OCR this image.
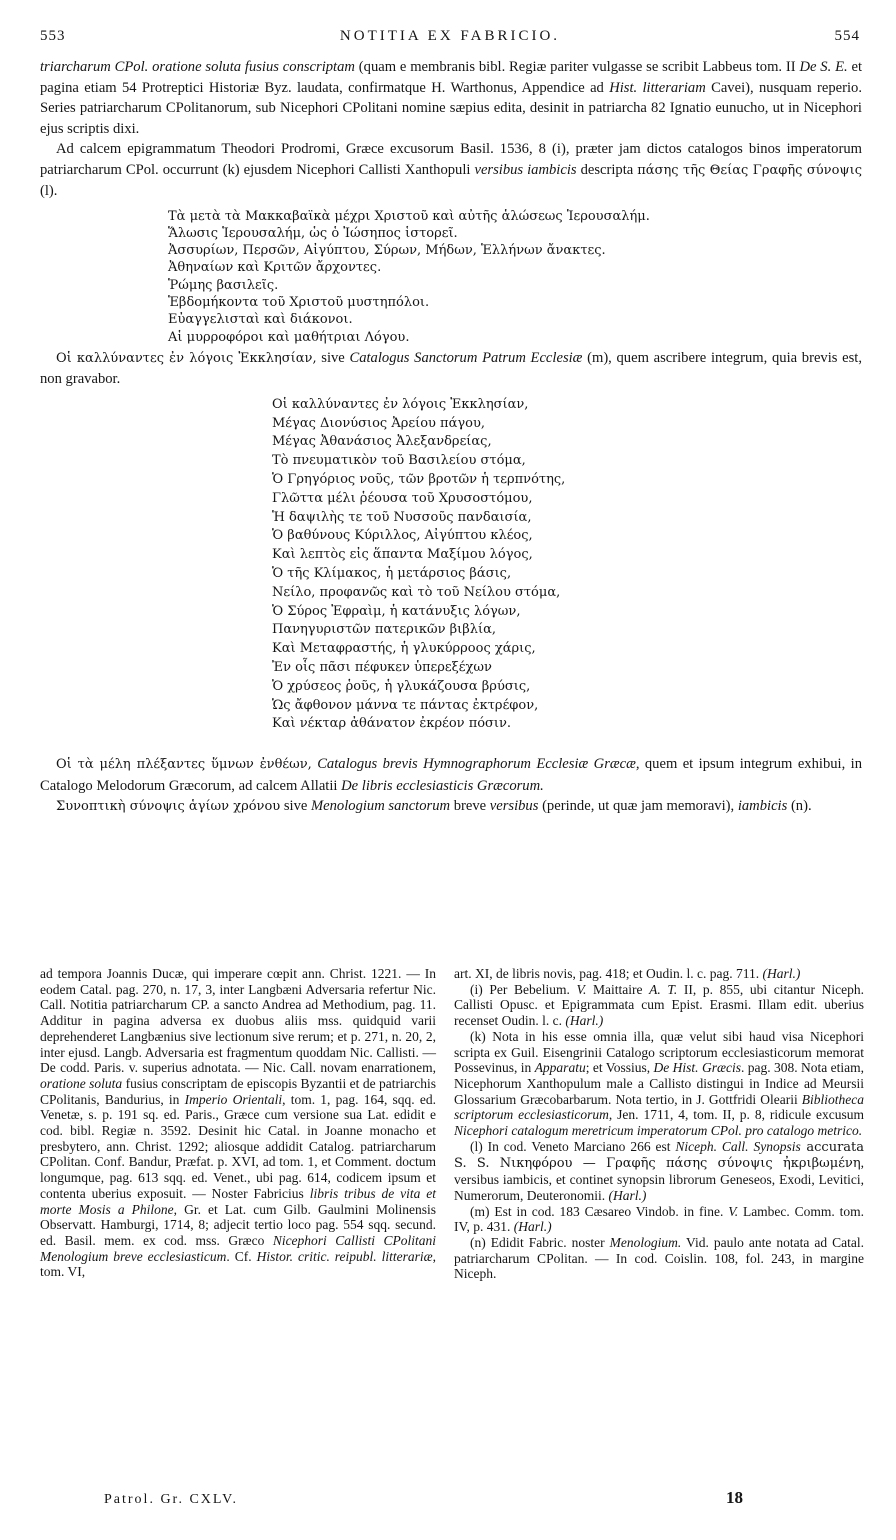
553	NOTITIA EX FABRICIO.	554

triarcharum CPol. oratione soluta fusius conscriptam (quam e membranis bibl. Regiæ pariter vulgasse se scribit Labbeus tom. II De S. E. et pagina etiam 54 Protreptici Historiæ Byz. laudata, confirmatque H. Warthonus, Appendice ad Hist. litterariam Cavei), nusquam reperio. Series patriarcharum CPolitanorum, sub Nicephori CPolitani nomine sæpius edita, desinit in patriarcha 82 Ignatio eunucho, ut in Nicephori ejus scriptis dixi.

Ad calcem epigrammatum Theodori Prodromi, Græce excusorum Basil. 1536, 8 (i), præter jam dictos catalogos binos imperatorum patriarcharum CPol. occurrunt (k) ejusdem Nicephori Callisti Xanthopuli versibus iambicis descripta πάσης τῆς Θείας Γραφῆς σύνοψις (l).

Τὰ μετὰ τὰ Μακκαβαϊκὰ μέχρι Χριστοῦ καὶ αὐτῆς ἁλώσεως Ἱερουσαλήμ.
Ἅλωσις Ἱερουσαλήμ, ὡς ὁ Ἰώσηπος ἱστορεῖ.
Ἀσσυρίων, Περσῶν, Αἰγύπτου, Σύρων, Μήδων, Ἑλλήνων ἄνακτες.
Ἀθηναίων καὶ Κριτῶν ἄρχοντες.
Ῥώμης βασιλεῖς.
Ἑβδομήκοντα τοῦ Χριστοῦ μυστηπόλοι.
Εὐαγγελισταὶ καὶ διάκονοι.
Αἱ μυρροφόροι καὶ μαθήτριαι Λόγου.

Οἱ καλλύναντες ἐν λόγοις Ἐκκλησίαν, sive Catalogus Sanctorum Patrum Ecclesiæ (m), quem ascribere integrum, quia brevis est, non gravabor.

Οἱ καλλύναντες ἐν λόγοις Ἐκκλησίαν,
Μέγας Διονύσιος Ἀρείου πάγου,
Μέγας Ἀθανάσιος Ἀλεξανδρείας,
Τὸ πνευματικὸν τοῦ Βασιλείου στόμα,
Ὁ Γρηγόριος νοῦς, τῶν βροτῶν ἡ τερπνότης,
Γλῶττα μέλι ῥέουσα τοῦ Χρυσοστόμου,
Ἡ δαψιλὴς τε τοῦ Νυσσοῦς πανδαισία,
Ὁ βαθύνους Κύριλλος, Αἰγύπτου κλέος,
Καὶ λεπτὸς εἰς ἅπαντα Μαξίμου λόγος,
Ὁ τῆς Κλίμακος, ἡ μετάρσιος βάσις,
Νείλο, προφανῶς καὶ τὸ τοῦ Νείλου στόμα,
Ὁ Σύρος Ἐφραὶμ, ἡ κατάνυξις λόγων,
Πανηγυριστῶν πατερικῶν βιβλία,
Καὶ Μεταφραστής, ἡ γλυκύρροος χάρις,
Ἐν οἷς πᾶσι πέφυκεν ὑπερεξέχων
Ὁ χρύσεος ῥοῦς, ἡ γλυκάζουσα βρύσις,
Ὡς ἄφθονον μάννα τε πάντας ἐκτρέφον,
Καὶ νέκταρ ἀθάνατον ἐκρέον πόσιν.

Οἱ τὰ μέλη πλέξαντες ὕμνων ἐνθέων, Catalogus brevis Hymnographorum Ecclesiæ Græcæ, quem et ipsum integrum exhibui, in Catalogo Melodorum Græcorum, ad calcem Allatii De libris ecclesiasticis Græcorum.

Συνοπτικὴ σύνοψις ἁγίων χρόνου sive Menologium sanctorum breve versibus (perinde, ut quæ jam memoravi), iambicis (n).

ad tempora Joannis Ducæ, qui imperare cœpit ann. Christ. 1221. — In eodem Catal. pag. 270, n. 17, 3, inter Langbæni Adversaria refertur Nic. Call. Notitia patriarcharum CP. a sancto Andrea ad Methodium, pag. 11. Additur in pagina adversa ex duobus aliis mss. quidquid varii deprehenderet Langbænius sive lectionum sive rerum; et p. 271, n. 20, 2, inter ejusd. Langb. Adversaria est fragmentum quoddam Nic. Callisti. — De codd. Paris. v. superius adnotata. — Nic. Call. novam enarrationem, oratione soluta fusius conscriptam de episcopis Byzantii et de patriarchis CPolitanis, Bandurius, in Imperio Orientali, tom. 1, pag. 164, sqq. ed. Venetæ, s. p. 191 sq. ed. Paris., Græce cum versione sua Lat. edidit e cod. bibl. Regiæ n. 3592. Desinit hic Catal. in Joanne monacho et presbytero, ann. Christ. 1292; aliosque addidit Catalog. patriarcharum CPolitan. Conf. Bandur, Præfat. p. XVI, ad tom. 1, et Comment. doctum longumque, pag. 613 sqq. ed. Venet., ubi pag. 614, codicem ipsum et contenta uberius exposuit. — Noster Fabricius libris tribus de vita et morte Mosis a Philone, Gr. et Lat. cum Gilb. Gaulmini Molinensis Observatt. Hamburgi, 1714, 8; adjecit tertio loco pag. 554 sqq. secund. ed. Basil. mem. ex cod. mss. Græco Nicephori Callisti CPolitani Menologium breve ecclesiasticum. Cf. Histor. critic. reipubl. litterariæ, tom. VI,

art. XI, de libris novis, pag. 418; et Oudin. l. c. pag. 711. (Harl.)

(i) Per Bebelium. V. Maittaire A. T. II, p. 855, ubi citantur Niceph. Callisti Opusc. et Epigrammata cum Epist. Erasmi. Illam edit. uberius recenset Oudin. l. c. (Harl.)

(k) Nota in his esse omnia illa, quæ velut sibi haud visa Nicephori scripta ex Guil. Eisengrinii Catalogo scriptorum ecclesiasticorum memorat Possevinus, in Apparatu; et Vossius, De Hist. Græcis. pag. 308. Nota etiam, Nicephorum Xanthopulum male a Callisto distingui in Indice ad Meursii Glossarium Græcobarbarum. Nota tertio, in J. Gottfridi Olearii Bibliotheca scriptorum ecclesiasticorum, Jen. 1711, 4, tom. II, p. 8, ridicule excusum Nicephori catalogum meretricum imperatorum CPol. pro catalogo metrico.

(l) In cod. Veneto Marciano 266 est Niceph. Call. Synopsis accurata S. S. Νικηφόρου — Γραφῆς πάσης σύνοψις ἠκριβωμένη, versibus iambicis, et continet synopsin librorum Geneseos, Exodi, Levitici, Numerorum, Deuteronomii. (Harl.)

(m) Est in cod. 183 Cæsareo Vindob. in fine. V. Lambec. Comm. tom. IV, p. 431. (Harl.)

(n) Edidit Fabric. noster Menologium. Vid. paulo ante notata ad Catal. patriarcharum CPolitan. — In cod. Coislin. 108, fol. 243, in margine Niceph.

Patrol. Gr. CXLV.	18
